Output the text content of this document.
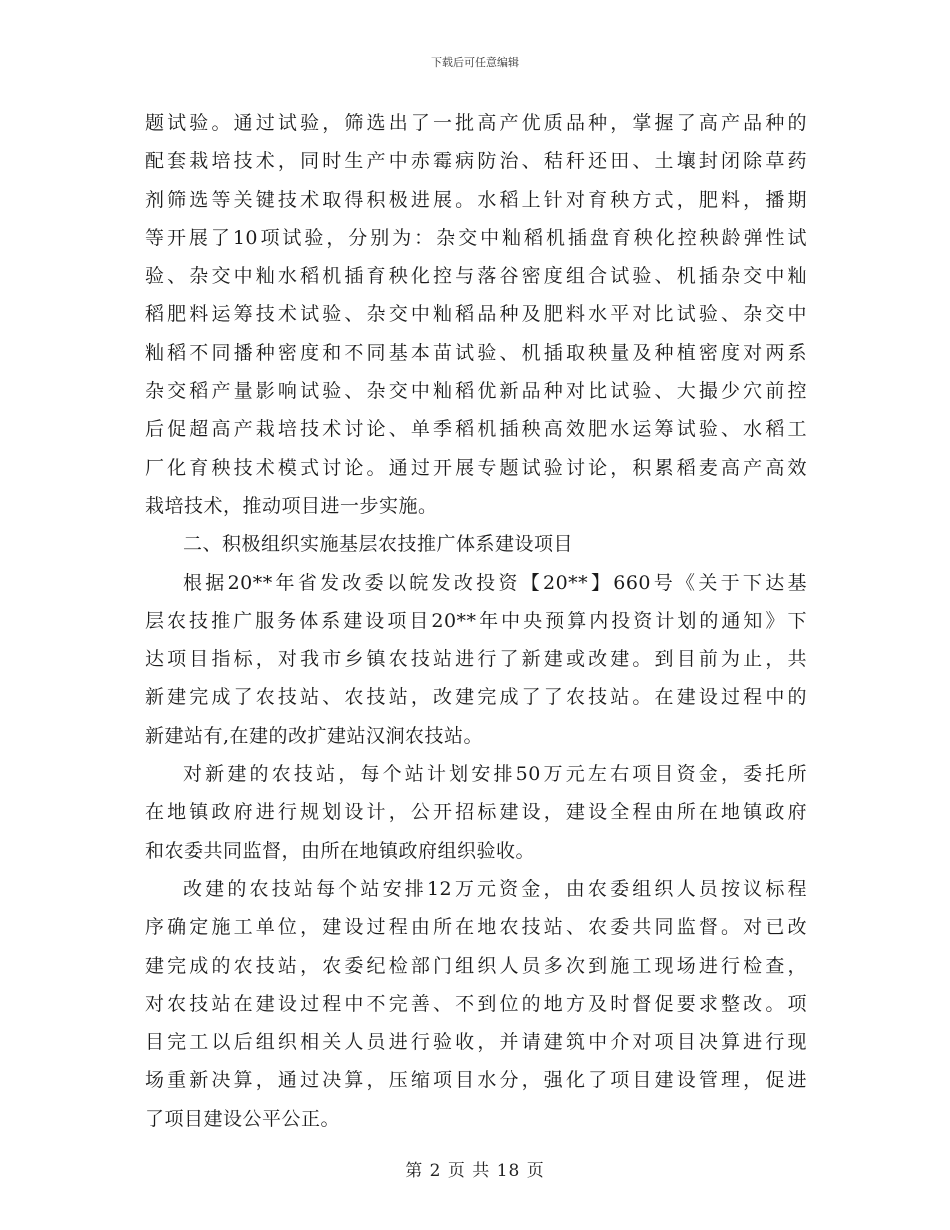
下载后可任意编辑
题试验。通过试验，筛选出了一批高产优质品种，掌握了高产品种的
配套栽培技术，同时生产中赤霉病防治、秸秆还田、土壤封闭除草药
剂筛选等关键技术取得积极进展。水稻上针对育秧方式，肥料，播期
等开展了10项试验，分别为：杂交中籼稻机插盘育秧化控秧龄弹性试
验、杂交中籼水稻机插育秧化控与落谷密度组合试验、机插杂交中籼
稻肥料运筹技术试验、杂交中籼稻品种及肥料水平对比试验、杂交中
籼稻不同播种密度和不同基本苗试验、机插取秧量及种植密度对两系
杂交稻产量影响试验、杂交中籼稻优新品种对比试验、大撮少穴前控
后促超高产栽培技术讨论、单季稻机插秧高效肥水运筹试验、水稻工
厂化育秧技术模式讨论。通过开展专题试验讨论，积累稻麦高产高效
栽培技术，推动项目进一步实施。
二、积极组织实施基层农技推广体系建设项目
根据20**年省发改委以皖发改投资【20**】660号《关于下达基
层农技推广服务体系建设项目20**年中央预算内投资计划的通知》下
达项目指标，对我市乡镇农技站进行了新建或改建。到目前为止，共
新建完成了农技站、农技站，改建完成了了农技站。在建设过程中的
新建站有,在建的改扩建站汉涧农技站。
对新建的农技站，每个站计划安排50万元左右项目资金，委托所
在地镇政府进行规划设计，公开招标建设，建设全程由所在地镇政府
和农委共同监督，由所在地镇政府组织验收。
改建的农技站每个站安排12万元资金，由农委组织人员按议标程
序确定施工单位，建设过程由所在地农技站、农委共同监督。对已改
建完成的农技站，农委纪检部门组织人员多次到施工现场进行检查，
对农技站在建设过程中不完善、不到位的地方及时督促要求整改。项
目完工以后组织相关人员进行验收，并请建筑中介对项目决算进行现
场重新决算，通过决算，压缩项目水分，强化了项目建设管理，促进
了项目建设公平公正。
第 2 页 共 18 页
